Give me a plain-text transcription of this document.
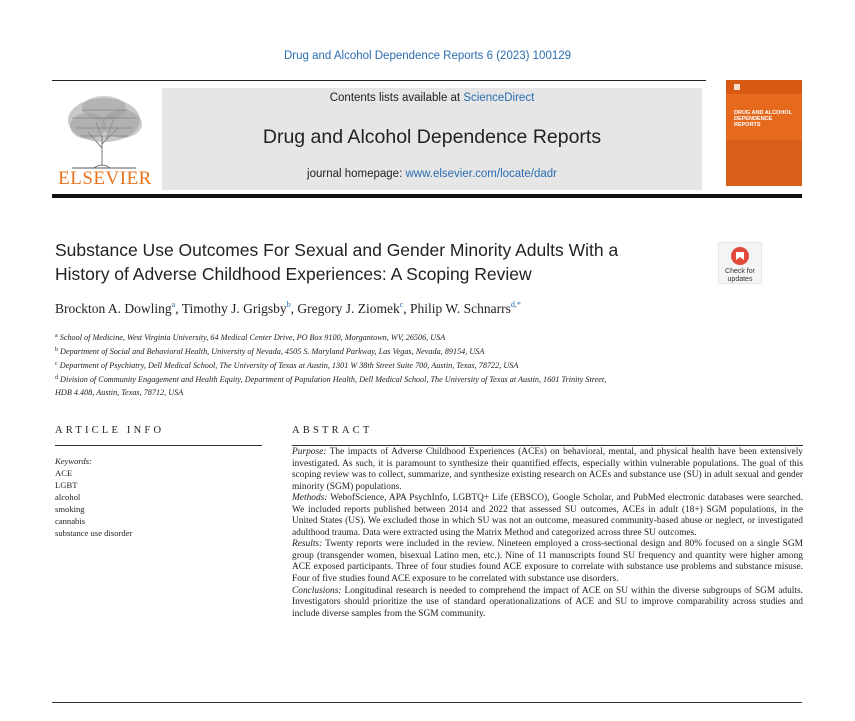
Drug and Alcohol Dependence Reports 6 (2023) 100129
ELSEVIER
Contents lists available at ScienceDirect
Drug and Alcohol Dependence Reports
journal homepage: www.elsevier.com/locate/dadr
DRUG AND ALCOHOL DEPENDENCE REPORTS
Substance Use Outcomes For Sexual and Gender Minority Adults With a
History of Adverse Childhood Experiences: A Scoping Review	Check for
updates
Brockton A. Dowling$^a$, Timothy J. Grigsby$^b$, Gregory J. Ziomek$^c$, Philip W. Schnarrs$^{d,*}$
$^a$ School of Medicine, West Virginia University, 64 Medical Center Drive, PO Box 9100, Morgantown, WV, 26506, USA
$^b$ Department of Social and Behavioral Health, University of Nevada, 4505 S. Maryland Parkway, Las Vegas, Nevada, 89154, USA
$^c$ Department of Psychiatry, Dell Medical School, The University of Texas at Austin, 1301 W 38th Street Suite 700, Austin, Texas, 78722, USA
$^d$ Division of Community Engagement and Health Equity, Department of Population Health, Dell Medical School, The University of Texas at Austin, 1601 Trinity Street,
HDB 4.408, Austin, Texas, 78712, USA
ARTICLE INFO
Keywords:
ACE
LGBT
alcohol
smoking
cannabis
substance use disorder
ABSTRACT

Purpose: The impacts of Adverse Childhood Experiences (ACEs) on behavioral, mental, and physical health have been extensively investigated. As such, it is paramount to synthesize their quantified effects, especially within vulnerable populations. The goal of this scoping review was to collect, summarize, and synthesize existing research on ACEs and substance use (SU) in adult sexual and gender minority (SGM) populations.

Methods: WebofScience, APA PsychInfo, LGBTQ+ Life (EBSCO), Google Scholar, and PubMed electronic databases were searched. We included reports published between 2014 and 2022 that assessed SU outcomes, ACEs in adult (18+) SGM populations, in the United States (US). We excluded those in which SU was not an outcome, measured community-based abuse or neglect, or investigated adulthood trauma. Data were extracted using the Matrix Method and categorized across three SU outcomes.

Results: Twenty reports were included in the review. Nineteen employed a cross-sectional design and 80% focused on a single SGM group (transgender women, bisexual Latino men, etc.). Nine of 11 manuscripts found SU frequency and quantity were higher among ACE exposed participants. Three of four studies found ACE exposure to correlate with substance use problems and substance misuse. Four of five studies found ACE exposure to be correlated with substance use disorders.

Conclusions: Longitudinal research is needed to comprehend the impact of ACE on SU within the diverse subgroups of SGM adults. Investigators should prioritize the use of standard operationalizations of ACE and SU to improve comparability across studies and include diverse samples from the SGM community.
